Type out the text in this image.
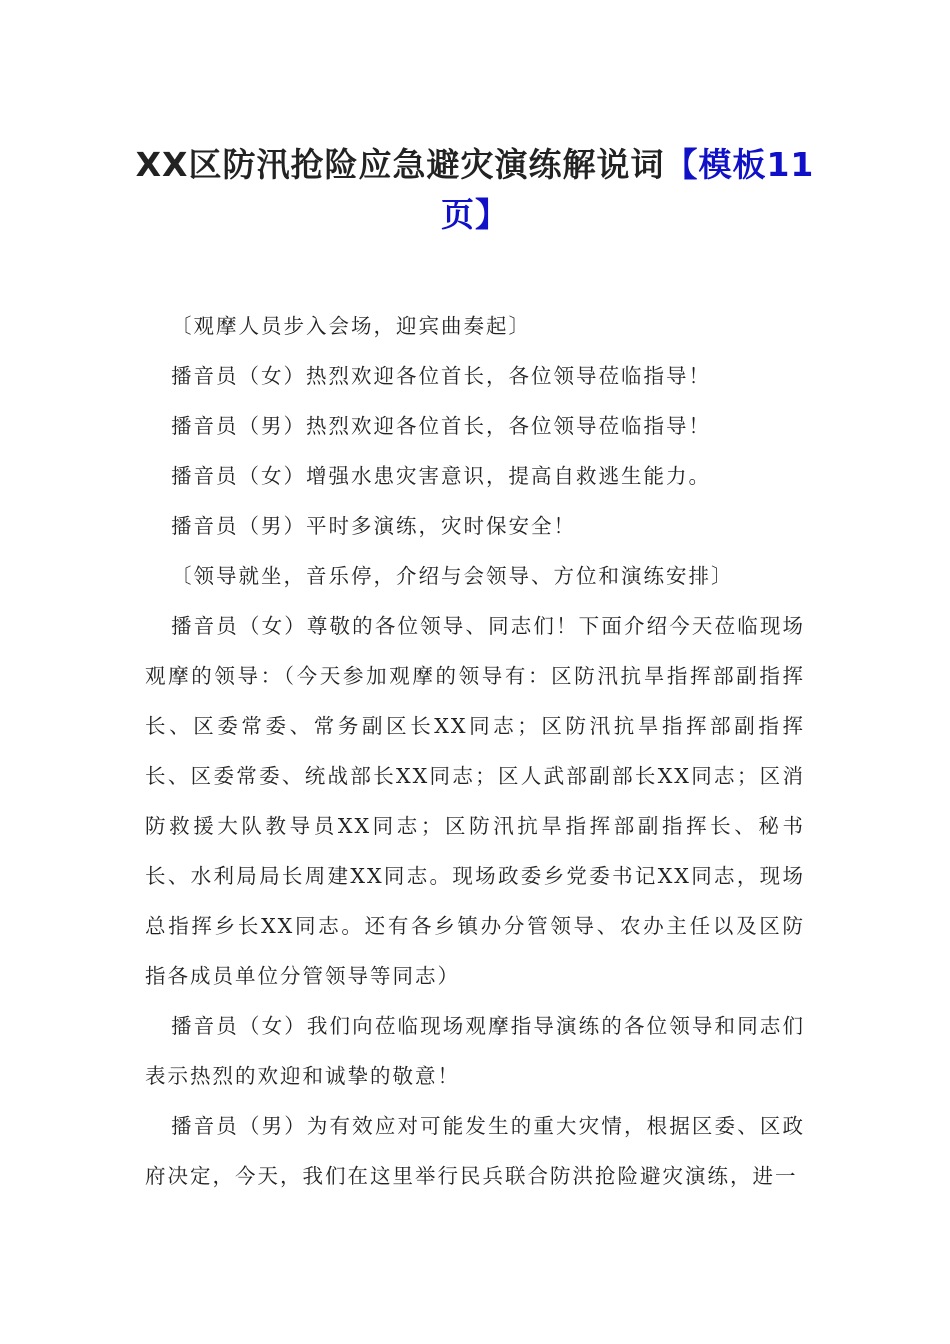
XX区防汛抢险应急避灾演练解说词【模板11页】

〔观摩人员步入会场，迎宾曲奏起〕

播音员（女）热烈欢迎各位首长，各位领导莅临指导！

播音员（男）热烈欢迎各位首长，各位领导莅临指导！

播音员（女）增强水患灾害意识，提高自救逃生能力。

播音员（男）平时多演练，灾时保安全！

〔领导就坐，音乐停，介绍与会领导、方位和演练安排〕

播音员（女）尊敬的各位领导、同志们！下面介绍今天莅临现场观摩的领导：（今天参加观摩的领导有：区防汛抗旱指挥部副指挥长、区委常委、常务副区长XX同志；区防汛抗旱指挥部副指挥长、区委常委、统战部长XX同志；区人武部副部长XX同志；区消防救援大队教导员XX同志；区防汛抗旱指挥部副指挥长、秘书长、水利局局长周建XX同志。现场政委乡党委书记XX同志，现场总指挥乡长XX同志。还有各乡镇办分管领导、农办主任以及区防指各成员单位分管领导等同志）

播音员（女）我们向莅临现场观摩指导演练的各位领导和同志们表示热烈的欢迎和诚挚的敬意！

播音员（男）为有效应对可能发生的重大灾情，根据区委、区政府决定，今天，我们在这里举行民兵联合防洪抢险避灾演练，进一
